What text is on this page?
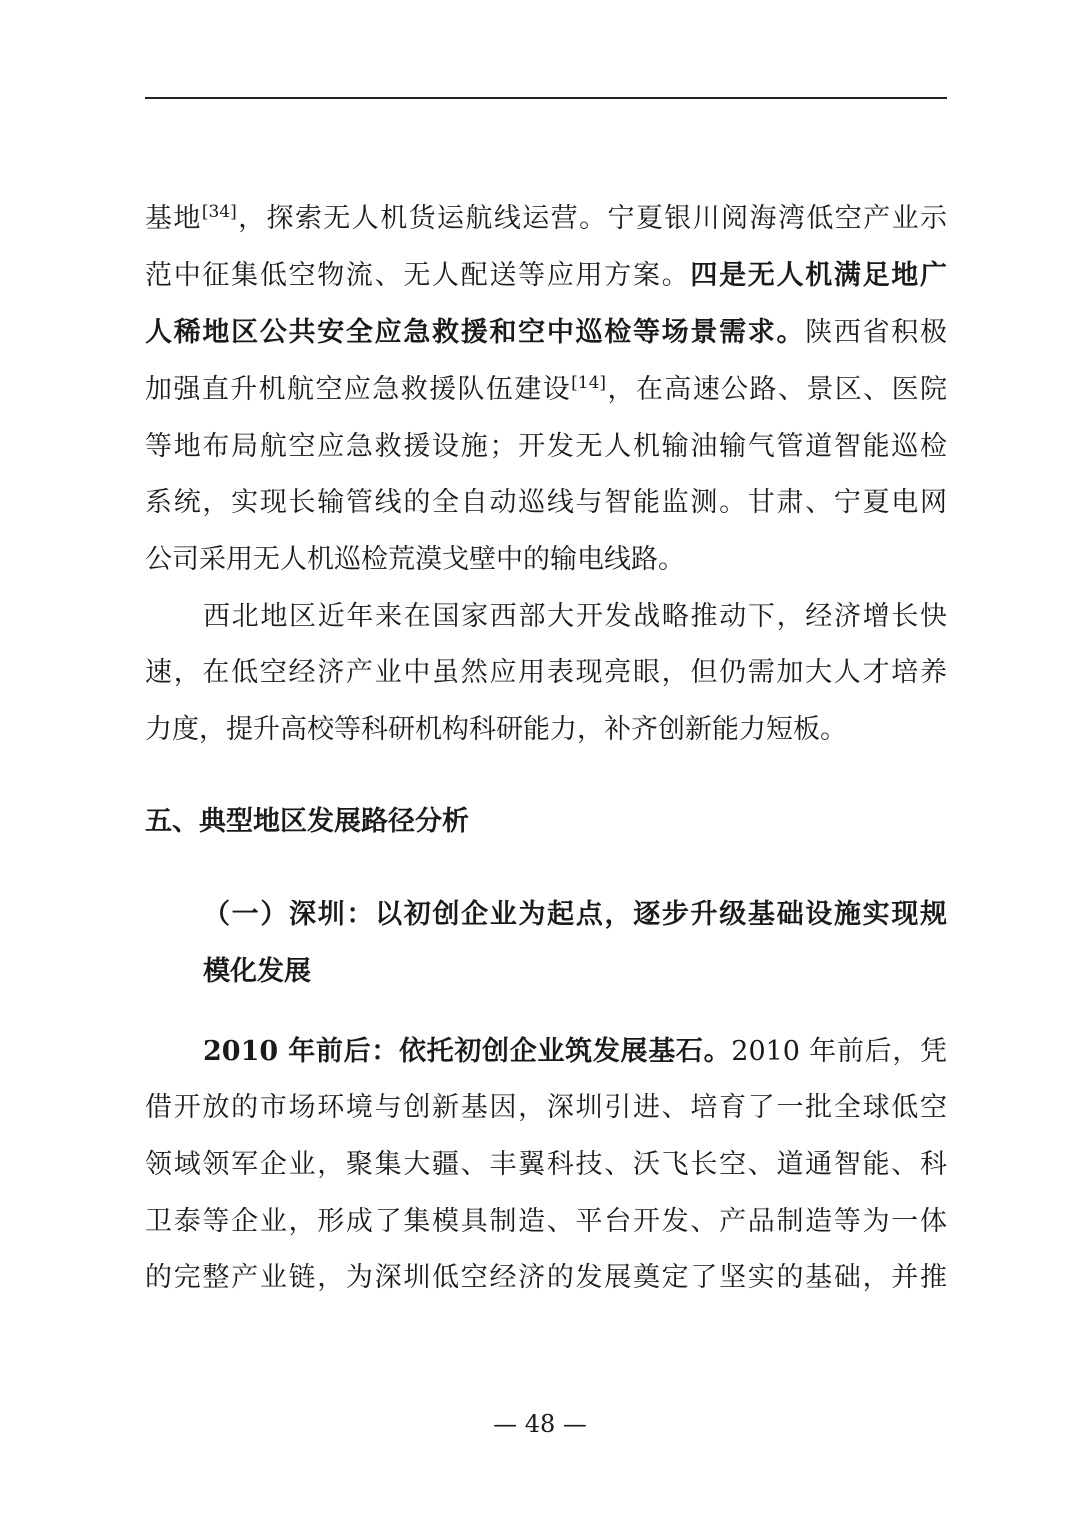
基地[34]，探索无人机货运航线运营。宁夏银川阅海湾低空产业示
范中征集低空物流、无人配送等应用方案。四是无人机满足地广
人稀地区公共安全应急救援和空中巡检等场景需求。陕西省积极
加强直升机航空应急救援队伍建设[14]，在高速公路、景区、医院
等地布局航空应急救援设施；开发无人机输油输气管道智能巡检
系统，实现长输管线的全自动巡线与智能监测。甘肃、宁夏电网
公司采用无人机巡检荒漠戈壁中的输电线路。
西北地区近年来在国家西部大开发战略推动下，经济增长快
速，在低空经济产业中虽然应用表现亮眼，但仍需加大人才培养
力度，提升高校等科研机构科研能力，补齐创新能力短板。
五、典型地区发展路径分析
（一）深圳：以初创企业为起点，逐步升级基础设施实现规
模化发展
2010 年前后：依托初创企业筑发展基石。2010 年前后，凭
借开放的市场环境与创新基因，深圳引进、培育了一批全球低空
领域领军企业，聚集大疆、丰翼科技、沃飞长空、道通智能、科
卫泰等企业，形成了集模具制造、平台开发、产品制造等为一体
的完整产业链，为深圳低空经济的发展奠定了坚实的基础，并推
— 48 —
